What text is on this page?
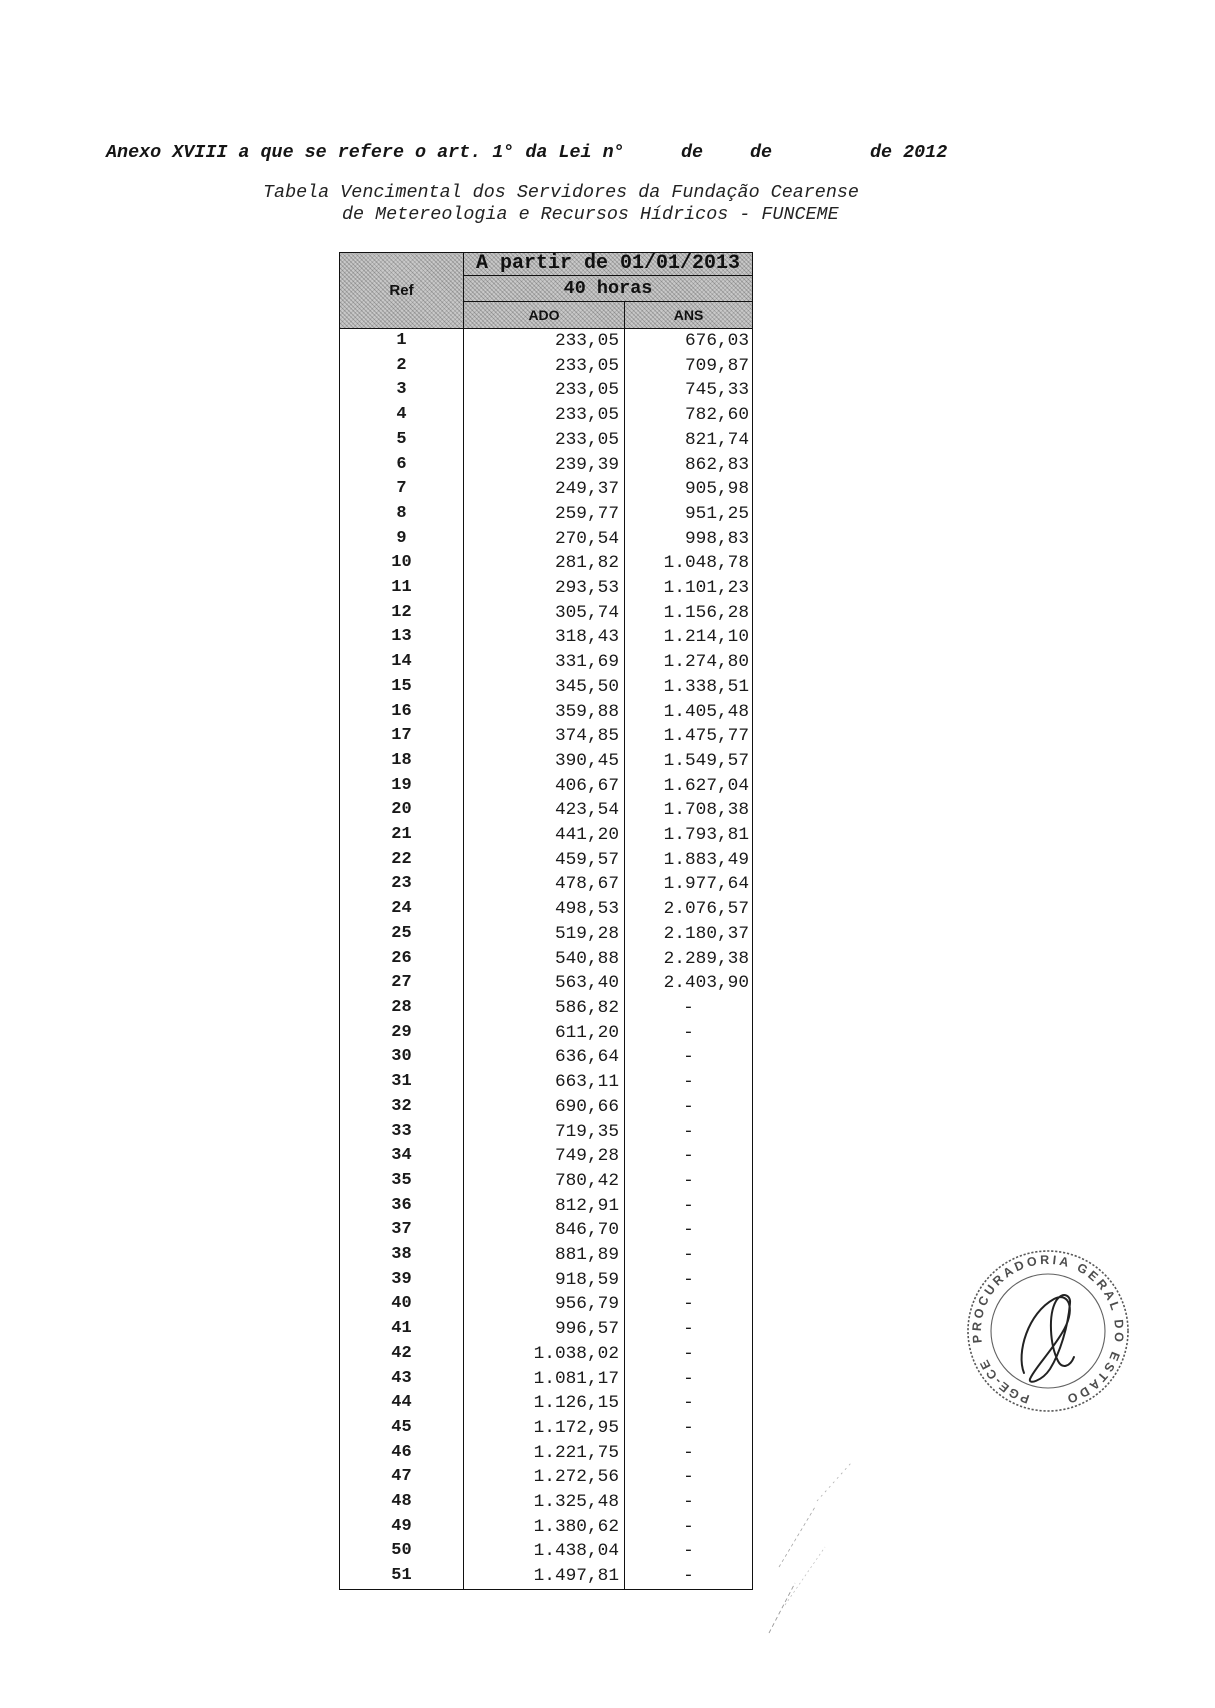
Anexo XVIII a que se refere o art. 1° da Lei n°	de	de	de 2012
Tabela Vencimental dos Servidores da Fundação Cearense
de Metereologia e Recursos Hídricos - FUNCEME
Ref	A partir de 01/01/2013	
	40 horas	
	ADO	ANS
1	233,05	676,03
2	233,05	709,87
3	233,05	745,33
4	233,05	782,60
5	233,05	821,74
6	239,39	862,83
7	249,37	905,98
8	259,77	951,25
9	270,54	998,83
10	281,82	1.048,78
11	293,53	1.101,23
12	305,74	1.156,28
13	318,43	1.214,10
14	331,69	1.274,80
15	345,50	1.338,51
16	359,88	1.405,48
17	374,85	1.475,77
18	390,45	1.549,57
19	406,67	1.627,04
20	423,54	1.708,38
21	441,20	1.793,81
22	459,57	1.883,49
23	478,67	1.977,64
24	498,53	2.076,57
25	519,28	2.180,37
26	540,88	2.289,38
27	563,40	2.403,90
28	586,82	-
29	611,20	-
30	636,64	-
31	663,11	-
32	690,66	-
33	719,35	-
34	749,28	-
35	780,42	-
36	812,91	-
37	846,70	-
38	881,89	-
39	918,59	-
40	956,79	-
41	996,57	-
42	1.038,02	-
43	1.081,17	-
44	1.126,15	-
45	1.172,95	-
46	1.221,75	-
47	1.272,56	-
48	1.325,48	-
49	1.380,62	-
50	1.438,04	-
51	1.497,81	-
PROCURADORIA GERAL DO ESTADO
PGE-CE
